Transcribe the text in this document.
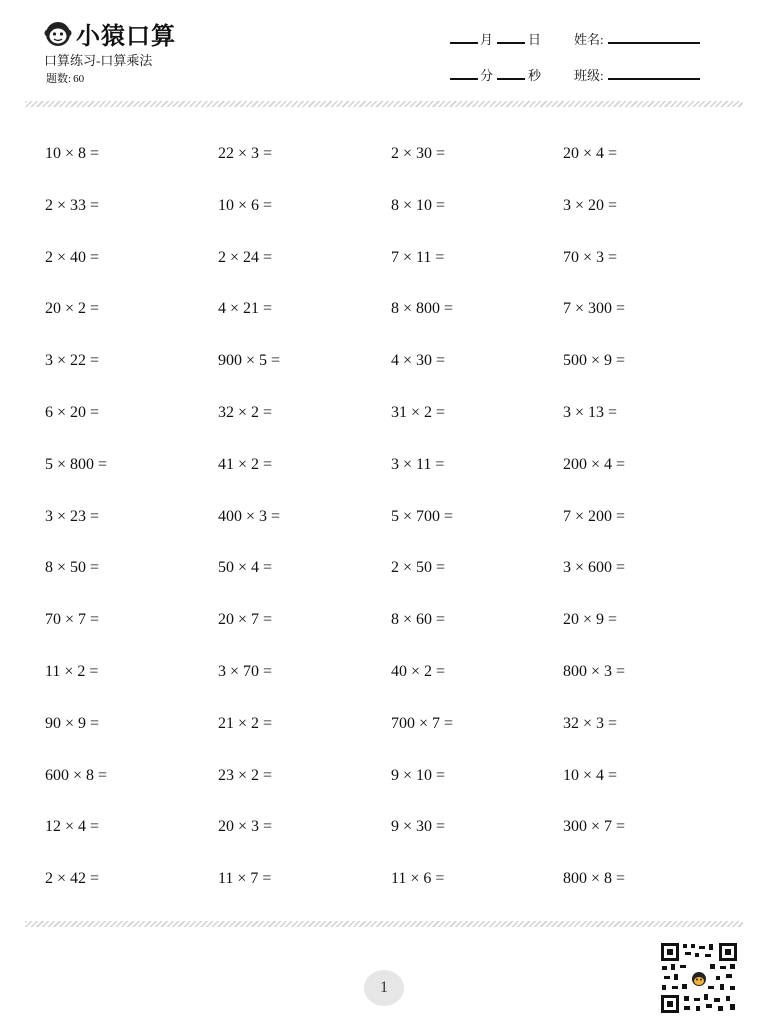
小猿口算
口算练习-口算乘法
题数: 60
月	日	姓名:
分	秒	班级:
10 × 8 =	22 × 3 =	2 × 30 =	20 × 4 =
2 × 33 =	10 × 6 =	8 × 10 =	3 × 20 =
2 × 40 =	2 × 24 =	7 × 11 =	70 × 3 =
20 × 2 =	4 × 21 =	8 × 800 =	7 × 300 =
3 × 22 =	900 × 5 =	4 × 30 =	500 × 9 =
6 × 20 =	32 × 2 =	31 × 2 =	3 × 13 =
5 × 800 =	41 × 2 =	3 × 11 =	200 × 4 =
3 × 23 =	400 × 3 =	5 × 700 =	7 × 200 =
8 × 50 =	50 × 4 =	2 × 50 =	3 × 600 =
70 × 7 =	20 × 7 =	8 × 60 =	20 × 9 =
11 × 2 =	3 × 70 =	40 × 2 =	800 × 3 =
90 × 9 =	21 × 2 =	700 × 7 =	32 × 3 =
600 × 8 =	23 × 2 =	9 × 10 =	10 × 4 =
12 × 4 =	20 × 3 =	9 × 30 =	300 × 7 =
2 × 42 =	11 × 7 =	11 × 6 =	800 × 8 =
1
